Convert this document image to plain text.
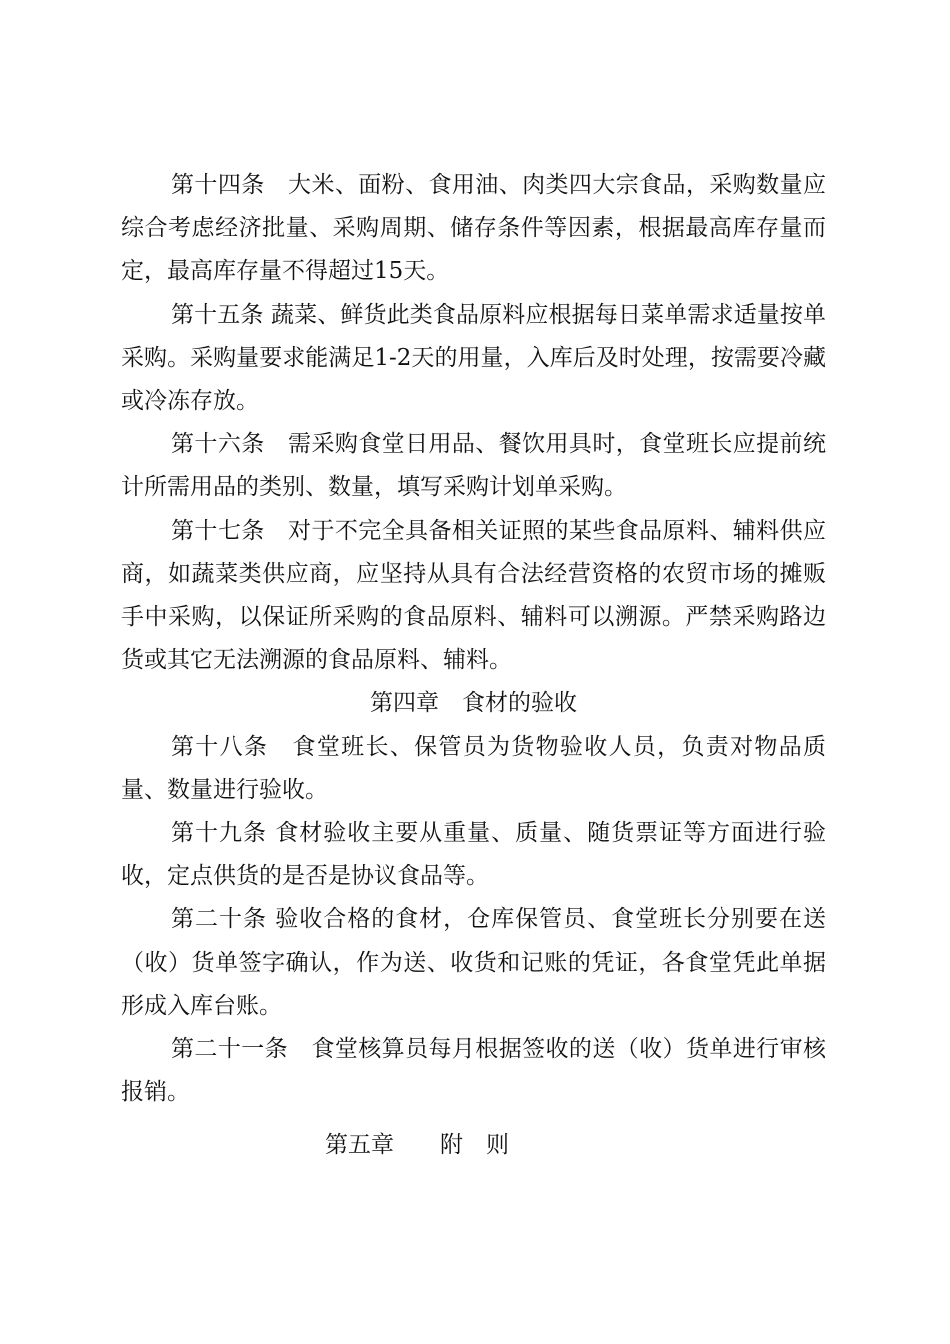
第十四条　大米、面粉、食用油、肉类四大宗食品，采购数量应综合考虑经济批量、采购周期、储存条件等因素，根据最高库存量而定，最高库存量不得超过15天。

第十五条 蔬菜、鲜货此类食品原料应根据每日菜单需求适量按单采购。采购量要求能满足1-2天的用量，入库后及时处理，按需要冷藏或冷冻存放。

第十六条　需采购食堂日用品、餐饮用具时，食堂班长应提前统计所需用品的类别、数量，填写采购计划单采购。

第十七条　对于不完全具备相关证照的某些食品原料、辅料供应商，如蔬菜类供应商，应坚持从具有合法经营资格的农贸市场的摊贩手中采购，以保证所采购的食品原料、辅料可以溯源。严禁采购路边货或其它无法溯源的食品原料、辅料。

第四章　食材的验收

第十八条　食堂班长、保管员为货物验收人员，负责对物品质量、数量进行验收。

第十九条 食材验收主要从重量、质量、随货票证等方面进行验收，定点供货的是否是协议食品等。

第二十条 验收合格的食材，仓库保管员、食堂班长分别要在送（收）货单签字确认，作为送、收货和记账的凭证，各食堂凭此单据形成入库台账。

第二十一条　食堂核算员每月根据签收的送（收）货单进行审核报销。

第五章　　附　则
